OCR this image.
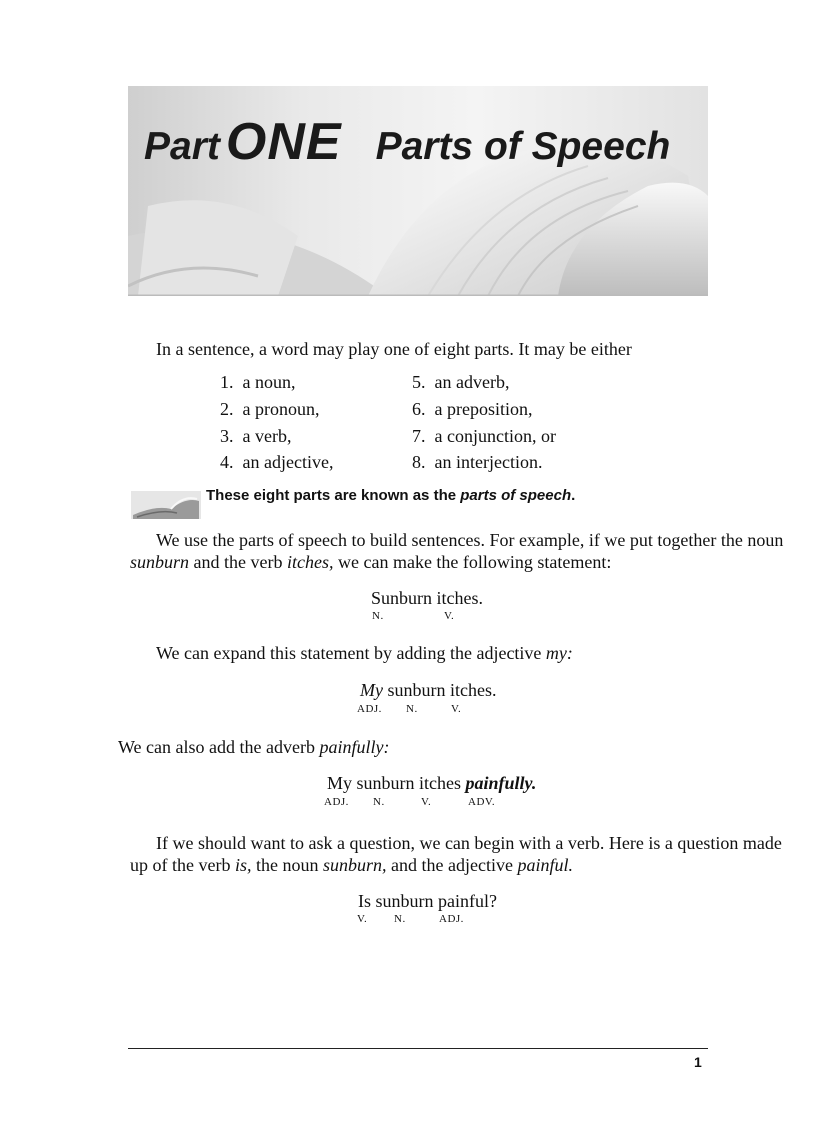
Part ONE Parts of Speech
In a sentence, a word may play one of eight parts. It may be either
1. a noun,
2. a pronoun,
3. a verb,
4. an adjective,
5. an adverb,
6. a preposition,
7. a conjunction, or
8. an interjection.
These eight parts are known as the parts of speech.
We use the parts of speech to build sentences. For example, if we put together the noun
sunburn and the verb itches, we can make the following statement:
Sunburn itches.
N.	V.
We can expand this statement by adding the adjective my:
My sunburn itches.
ADJ. N.	V.
We can also add the adverb painfully:
My sunburn itches painfully.
ADJ. N.	V.	ADV.
If we should want to ask a question, we can begin with a verb. Here is a question made
up of the verb is, the noun sunburn, and the adjective painful.
Is sunburn painful?
V. N.	ADJ.
1
